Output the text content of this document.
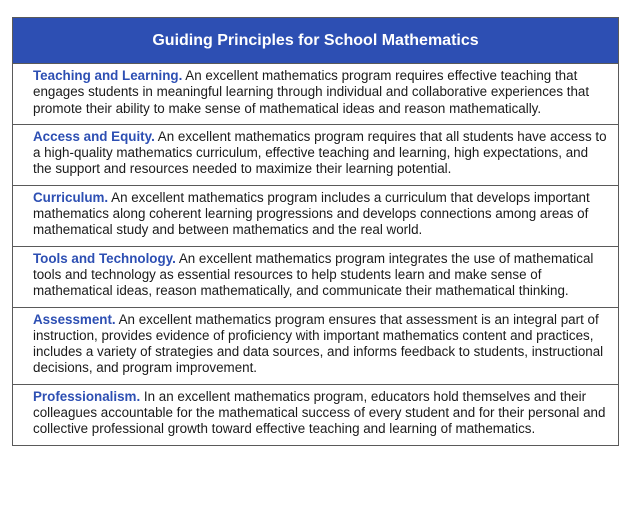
Guiding Principles for School Mathematics
Teaching and Learning. An excellent mathematics program requires effective teaching that engages students in meaningful learning through individual and collaborative experiences that promote their ability to make sense of mathematical ideas and reason mathematically.
Access and Equity. An excellent mathematics program requires that all students have access to a high-quality mathematics curriculum, effective teaching and learning, high expectations, and the support and resources needed to maximize their learning potential.
Curriculum. An excellent mathematics program includes a curriculum that develops important mathematics along coherent learning progressions and develops connections among areas of mathematical study and between mathematics and the real world.
Tools and Technology. An excellent mathematics program integrates the use of mathematical tools and technology as essential resources to help students learn and make sense of mathematical ideas, reason mathematically, and communicate their mathematical thinking.
Assessment. An excellent mathematics program ensures that assessment is an integral part of instruction, provides evidence of proficiency with important mathematics content and practices, includes a variety of strategies and data sources, and informs feedback to students, instructional decisions, and program improvement.
Professionalism. In an excellent mathematics program, educators hold themselves and their colleagues accountable for the mathematical success of every student and for their personal and collective professional growth toward effective teaching and learning of mathematics.
